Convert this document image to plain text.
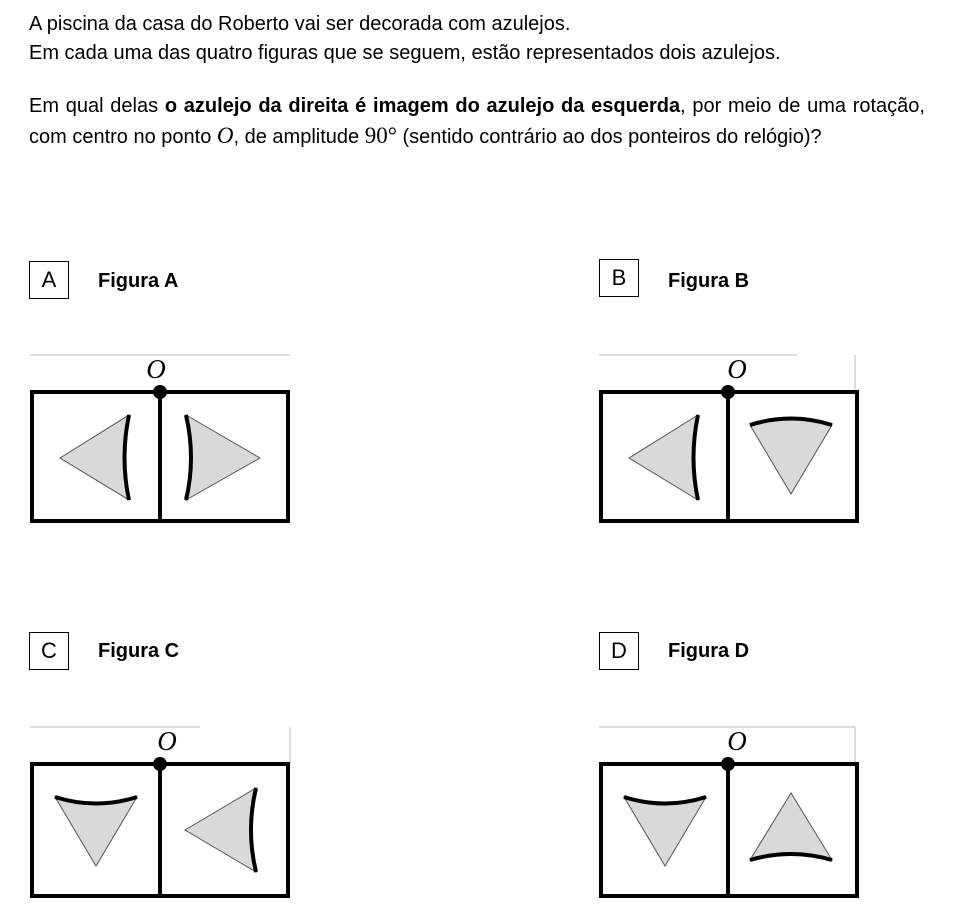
A piscina da casa do Roberto vai ser decorada com azulejos.

Em cada uma das quatro figuras que se seguem, estão representados dois azulejos.

Em qual delas o azulejo da direita é imagem do azulejo da esquerda, por meio de uma rotação, com centro no ponto O, de amplitude 90° (sentido contrário ao dos ponteiros do relógio)?
A Figura A
O
B Figura B
O
C Figura C
O
D Figura D
O
